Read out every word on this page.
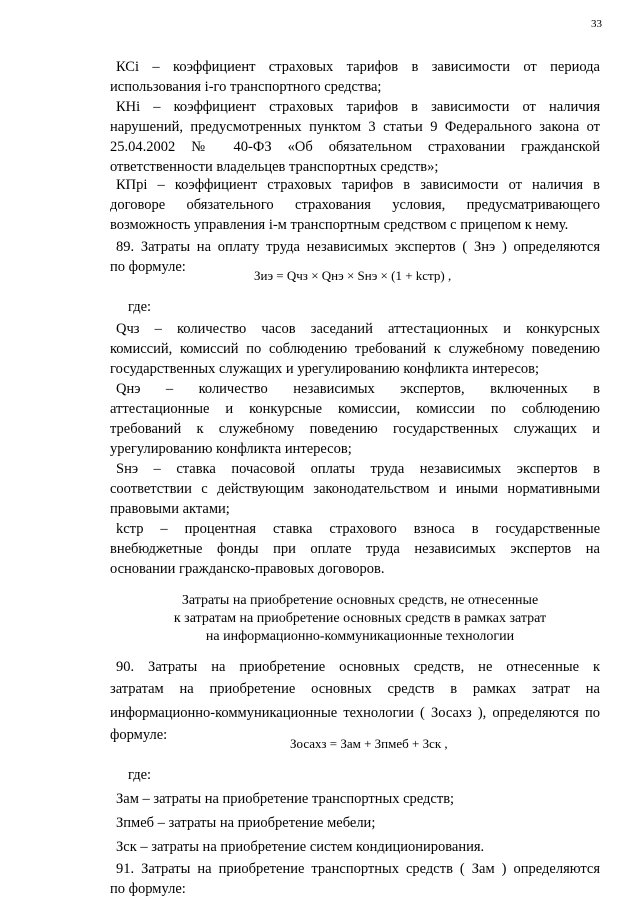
33
КСi – коэффициент страховых тарифов в зависимости от периода
использования i-го транспортного средства;
КНi – коэффициент страховых тарифов в зависимости от наличия
нарушений, предусмотренных пунктом 3 статьи 9 Федерального закона от
25.04.2002 № 40-ФЗ «Об обязательном страховании гражданской
ответственности владельцев транспортных средств»;
КПpi – коэффициент страховых тарифов в зависимости от наличия в
договоре обязательного страхования условия, предусматривающего
возможность управления i-м транспортным средством с прицепом к нему.
89. Затраты на оплату труда независимых экспертов ( Знэ ) определяются
по формуле:
Зиэ = Qчз × Qнэ × Sнэ × (1 + kстр) ,
где:
Qчз – количество часов заседаний аттестационных и конкурсных
комиссий, комиссий по соблюдению требований к служебному поведению
государственных служащих и урегулированию конфликта интересов;
Qнэ – количество независимых экспертов, включенных в
аттестационные и конкурсные комиссии, комиссии по соблюдению
требований к служебному поведению государственных служащих и
урегулированию конфликта интересов;
Sнэ – ставка почасовой оплаты труда независимых экспертов в
соответствии с действующим законодательством и иными нормативными
правовыми актами;
kстр – процентная ставка страхового взноса в государственные
внебюджетные фонды при оплате труда независимых экспертов на
основании гражданско-правовых договоров.
Затраты на приобретение основных средств, не отнесенные
к затратам на приобретение основных средств в рамках затрат
на информационно-коммуникационные технологии
90. Затраты на приобретение основных средств, не отнесенные к
затратам на приобретение основных средств в рамках затрат на
информационно-коммуникационные технологии ( Зосахз ), определяются по
формуле:
Зосахз = Зам + Зпмеб + Зск ,
где:
Зам – затраты на приобретение транспортных средств;
Зпмеб – затраты на приобретение мебели;
Зск – затраты на приобретение систем кондиционирования.
91. Затраты на приобретение транспортных средств ( Зам ) определяются
по формуле:
